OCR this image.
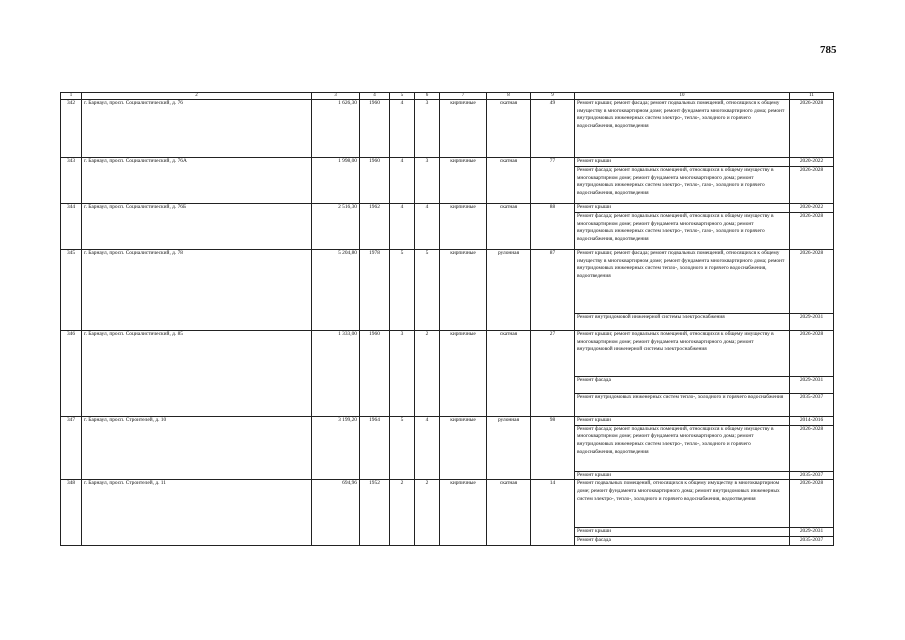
785
1	2	3	4	5	6	7	8	9	10	11
342	г. Барнаул, просп. Социалистический, д. 76	1 626,30	1960	4	3	кирпичные	скатная	49	Ремонт крыши; ремонт фасада; ремонт подвальных помещений, относящихся к общему имуществу в многоквартирном доме; ремонт фундамента многоквартирного дома; ремонт внутридомовых инженерных систем электро-, тепло-, холодного и горячего водоснабжения, водоотведения	2026-2028
343	г. Барнаул, просп. Социалистический, д. 76А	1 998,00	1960	4	3	кирпичные	скатная	77	Ремонт крыши	2020-2022
									Ремонт фасада; ремонт подвальных помещений, относящихся к общему имуществу в многоквартирном доме; ремонт фундамента многоквартирного дома; ремонт внутридомовых инженерных систем электро-, тепло-, газо-, холодного и горячего водоснабжения, водоотведения	2026-2028
344	г. Барнаул, просп. Социалистический, д. 76Б	2 516,30	1962	4	4	кирпичные	скатная	88	Ремонт крыши	2020-2022
									Ремонт фасада; ремонт подвальных помещений, относящихся к общему имуществу в многоквартирном доме; ремонт фундамента многоквартирного дома; ремонт внутридомовых инженерных систем электро-, тепло-, газо-, холодного и горячего водоснабжения, водоотведения	2026-2028
345	г. Барнаул, просп. Социалистический, д. 78	5 204,80	1978	5	5	кирпичные	рулонная	87	Ремонт крыши; ремонт фасада; ремонт подвальных помещений, относящихся к общему имуществу в многоквартирном доме; ремонт фундамента многоквартирного дома; ремонт внутридомовых инженерных систем тепло-, холодного и горячего водоснабжения, водоотведения	2026-2028
									Ремонт внутридомовой инженерной системы электроснабжения	2029-2031
346	г. Барнаул, просп. Социалистический, д. 85	1 333,00	1960	3	2	кирпичные	скатная	27	Ремонт крыши; ремонт подвальных помещений, относящихся к общему имуществу в многоквартирном доме; ремонт фундамента многоквартирного дома; ремонт внутридомовой инженерной системы электроснабжения	2026-2028
									Ремонт фасада	2029-2031
									Ремонт внутридомовых инженерных систем тепло-, холодного и горячего водоснабжения	2035-2037
347	г. Барнаул, просп. Строителей, д. 10	3 199,20	1964	5	4	кирпичные	рулонная	98	Ремонт крыши	2014-2016
									Ремонт фасада; ремонт подвальных помещений, относящихся к общему имуществу в многоквартирном доме; ремонт фундамента многоквартирного дома; ремонт внутридомовых инженерных систем электро-, тепло-, холодного и горячего водоснабжения, водоотведения	2026-2028
									Ремонт крыши	2035-2037
348	г. Барнаул, просп. Строителей, д. 11	694,96	1952	2	2	кирпичные	скатная	14	Ремонт подвальных помещений, относящихся к общему имуществу в многоквартирном доме; ремонт фундамента многоквартирного дома; ремонт внутридомовых инженерных систем электро-, тепло-, холодного и горячего водоснабжения, водоотведения	2026-2028
									Ремонт крыши	2029-2031
									Ремонт фасада	2035-2037
